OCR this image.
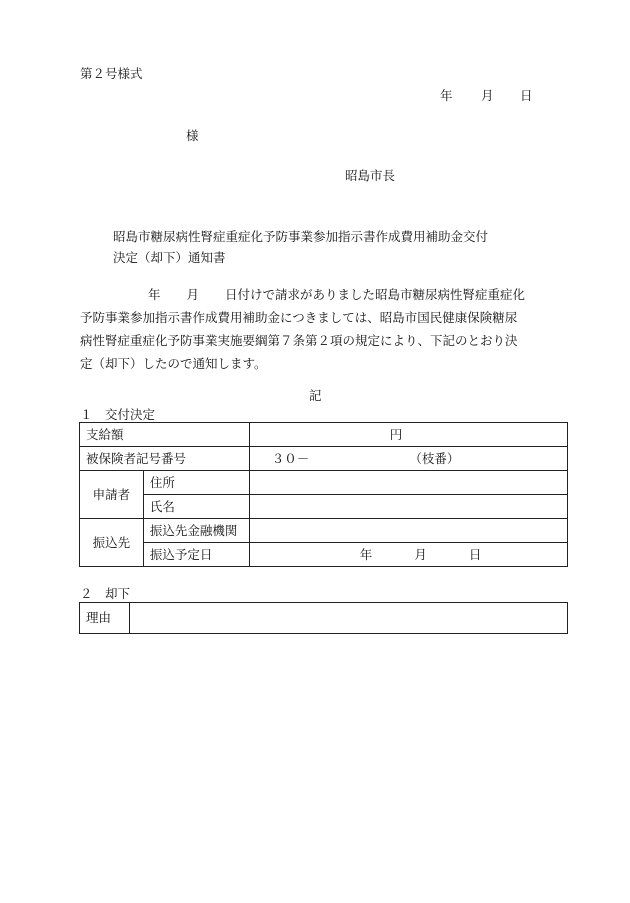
第２号様式
年 月 日
様
昭島市長
昭島市糖尿病性腎症重症化予防事業参加指示書作成費用補助金交付
決定（却下）通知書
年 月 日付けで請求がありました昭島市糖尿病性腎症重症化
予防事業参加指示書作成費用補助金につきましては、昭島市国民健康保険糖尿
病性腎症重症化予防事業実施要綱第７条第２項の規定により、下記のとおり決
定（却下）したので通知します。
記
１　交付決定
支給額		円
被保険者記号番号		３０－ （枝番）
申請者	住所	
	氏名	
振込先	振込先金融機関	
	振込予定日	年 月 日
２　却下
理由	
